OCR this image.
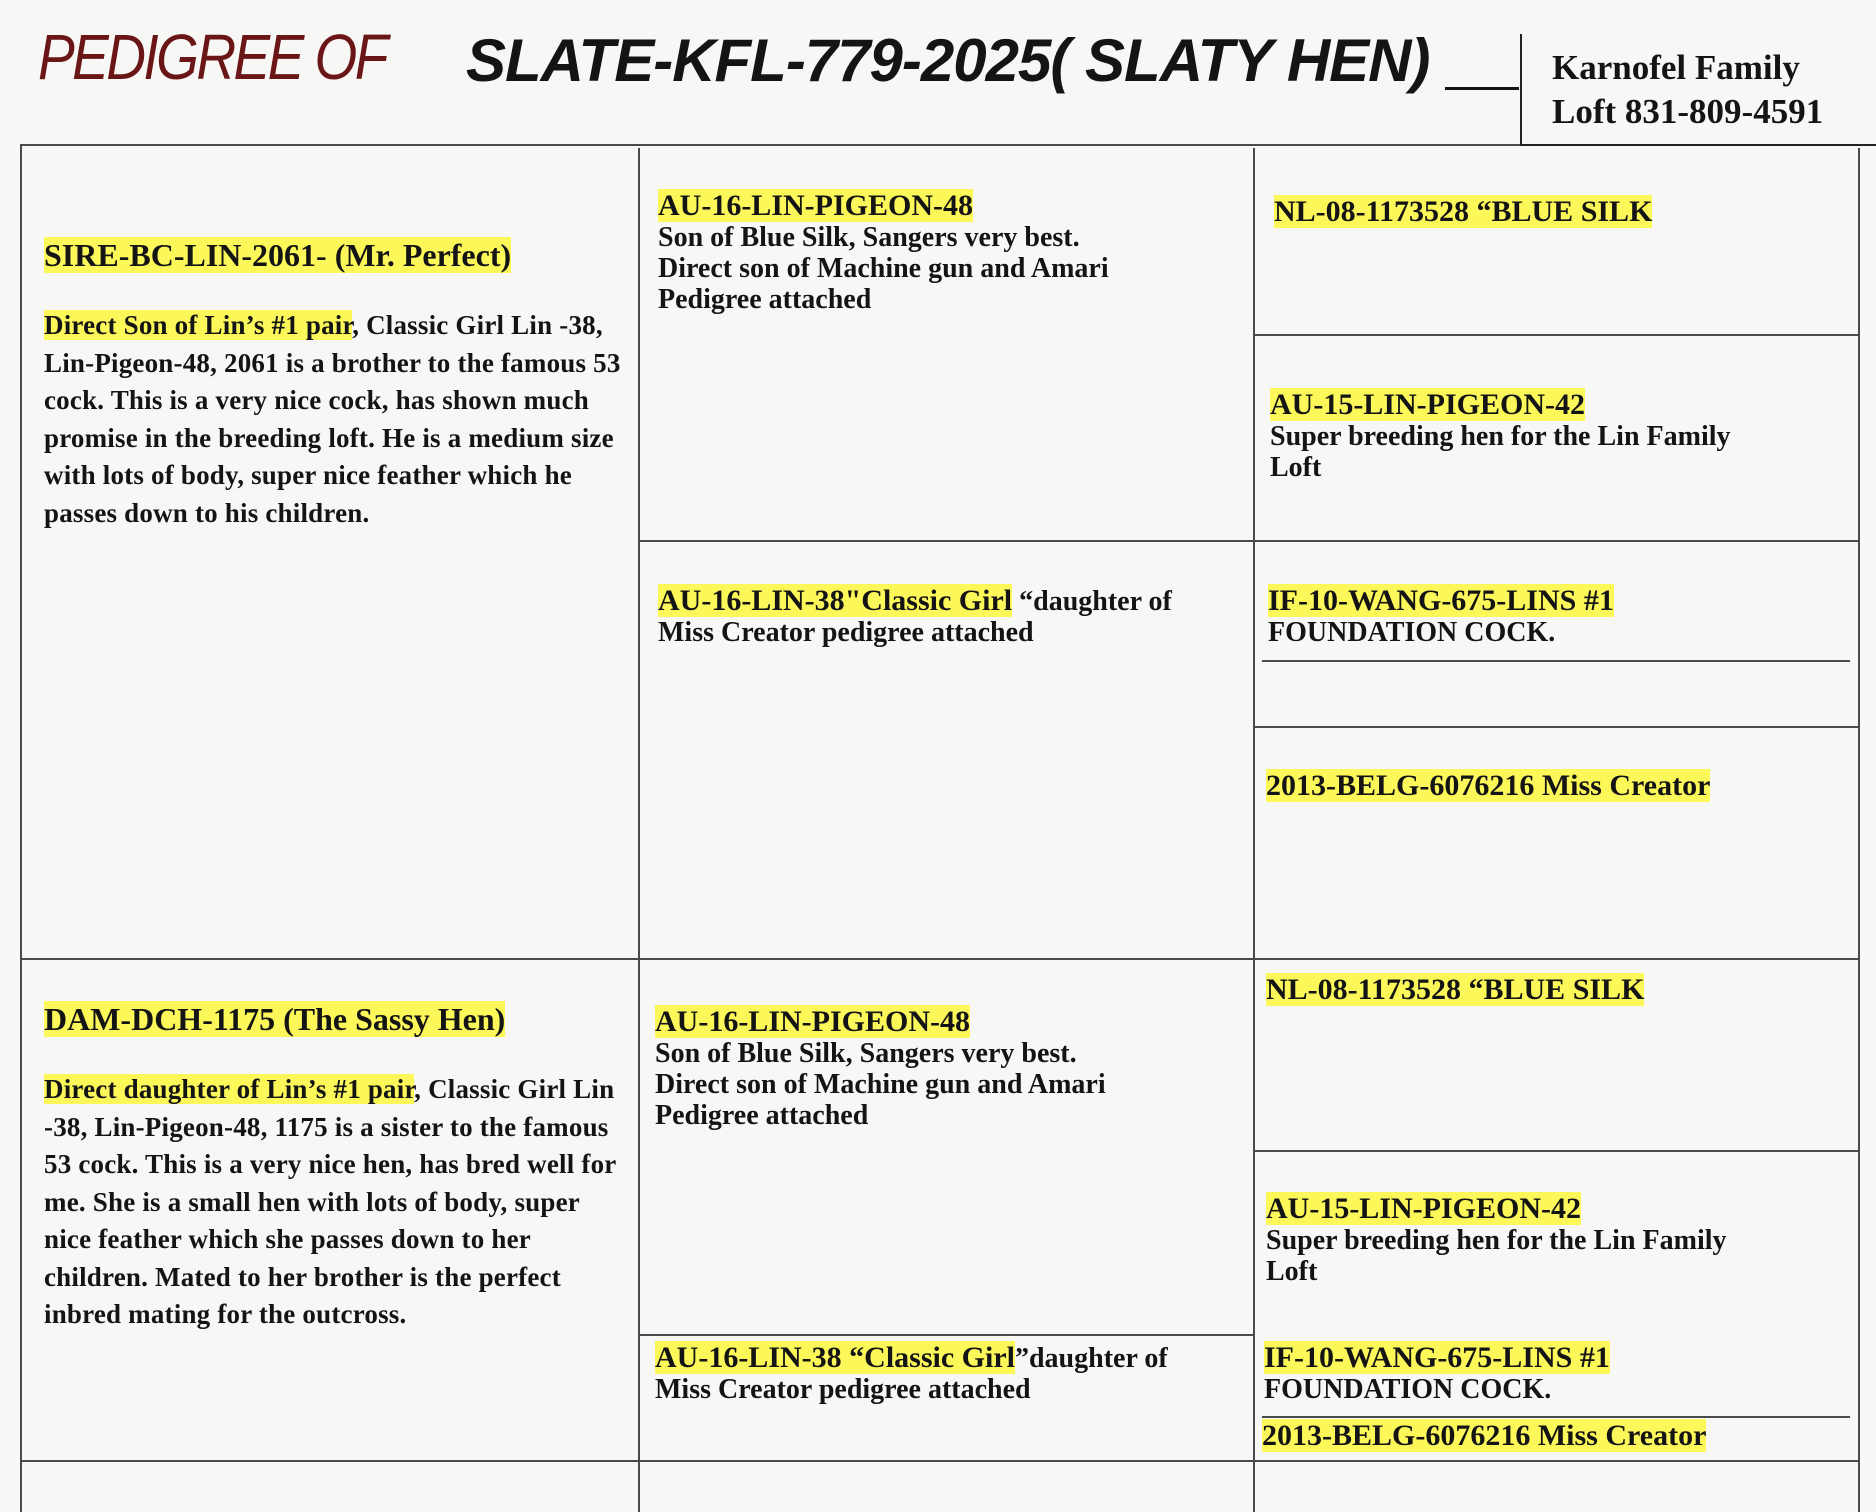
PEDIGREE OF SLATE-KFL-779-2025( SLATY HEN)	Karnofel Family
Loft 831-809-4591
SIRE-BC-LIN-2061- (Mr. Perfect)
Direct Son of Lin’s #1 pair, Classic Girl Lin -38, Lin-Pigeon-48, 2061 is a brother to the famous 53 cock. This is a very nice cock, has shown much promise in the breeding loft. He is a medium size with lots of body, super nice feather which he passes down to his children.
DAM-DCH-1175 (The Sassy Hen)
Direct daughter of Lin’s #1 pair, Classic Girl Lin -38, Lin-Pigeon-48, 1175 is a sister to the famous 53 cock. This is a very nice hen, has bred well for me. She is a small hen with lots of body, super nice feather which she passes down to her children. Mated to her brother is the perfect inbred mating for the outcross.
AU-16-LIN-PIGEON-48
Son of Blue Silk, Sangers very best.
Direct son of Machine gun and Amari
Pedigree attached
AU-16-LIN-38"Classic Girl “daughter of
Miss Creator pedigree attached
AU-16-LIN-PIGEON-48
Son of Blue Silk, Sangers very best.
Direct son of Machine gun and Amari
Pedigree attached
AU-16-LIN-38 “Classic Girl”daughter of
Miss Creator pedigree attached
NL-08-1173528 “BLUE SILK
AU-15-LIN-PIGEON-42
Super breeding hen for the Lin Family
Loft
IF-10-WANG-675-LINS #1
FOUNDATION COCK.
2013-BELG-6076216 Miss Creator
NL-08-1173528 “BLUE SILK
AU-15-LIN-PIGEON-42
Super breeding hen for the Lin Family
Loft
IF-10-WANG-675-LINS #1
FOUNDATION COCK.
2013-BELG-6076216 Miss Creator
